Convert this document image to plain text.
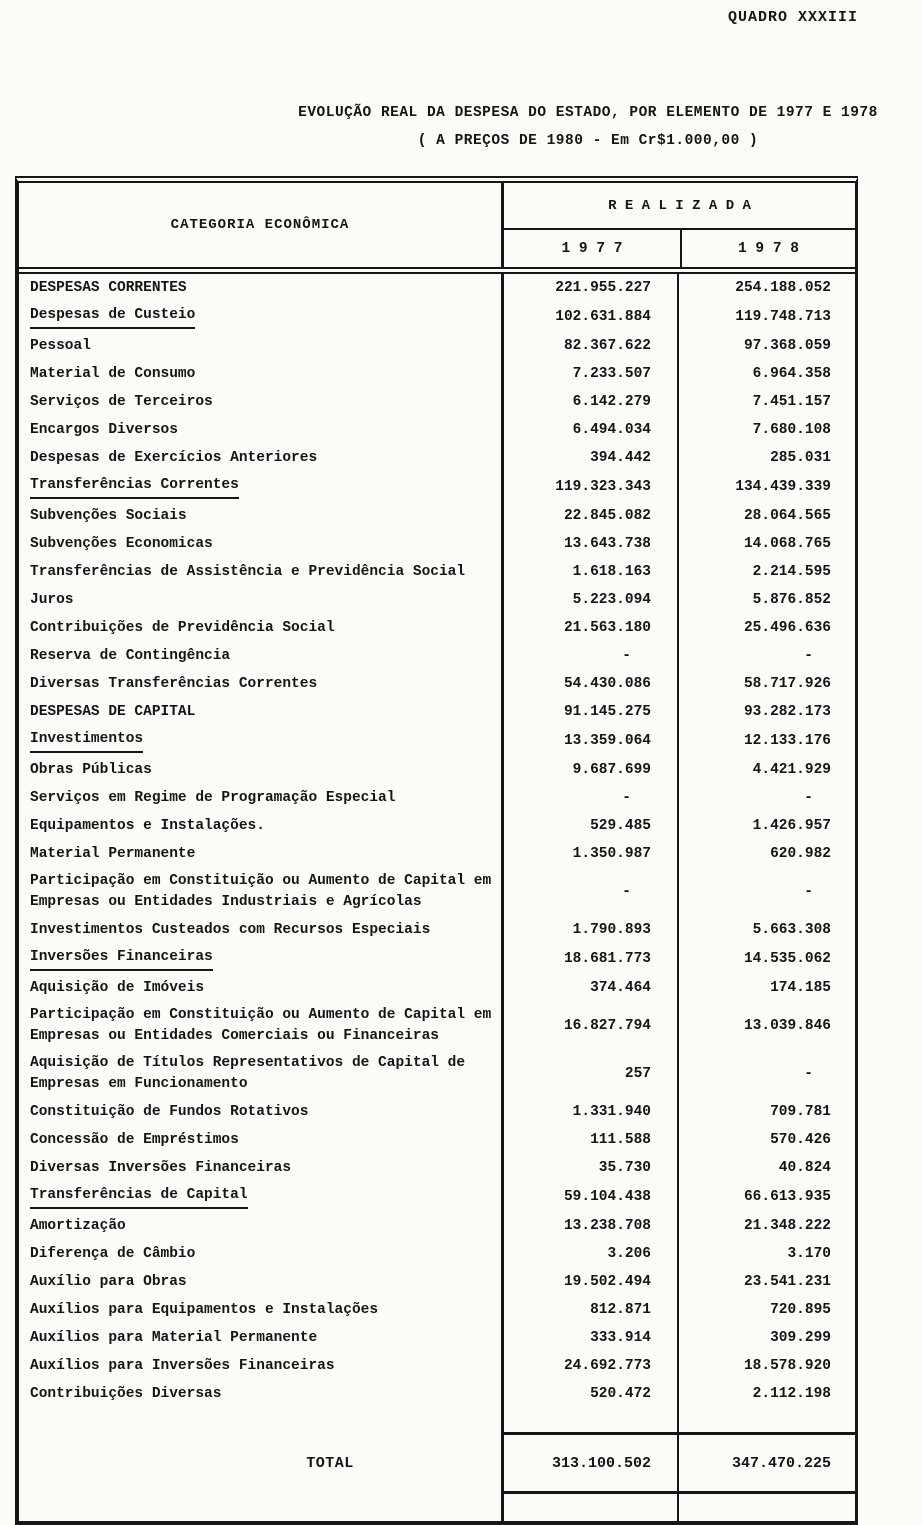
QUADRO XXXIII
EVOLUÇÃO REAL DA DESPESA DO ESTADO, POR ELEMENTO DE 1977 E 1978
( A PREÇOS DE 1980 - Em Cr$1.000,00 )
CATEGORIA ECONÔMICA
R E A L I Z A D A
1 9 7 7	1 9 7 8
DESPESAS CORRENTES	221.955.227	254.188.052
Despesas de Custeio	102.631.884	119.748.713
Pessoal	82.367.622	97.368.059
Material de Consumo	7.233.507	6.964.358
Serviços de Terceiros	6.142.279	7.451.157
Encargos Diversos	6.494.034	7.680.108
Despesas de Exercícios Anteriores	394.442	285.031
Transferências Correntes	119.323.343	134.439.339
Subvenções Sociais	22.845.082	28.064.565
Subvenções Economicas	13.643.738	14.068.765
Transferências de Assistência e Previdência Social	1.618.163	2.214.595
Juros	5.223.094	5.876.852
Contribuições de Previdência Social	21.563.180	25.496.636
Reserva de Contingência	-	-
Diversas Transferências Correntes	54.430.086	58.717.926
DESPESAS DE CAPITAL	91.145.275	93.282.173
Investimentos	13.359.064	12.133.176
Obras Públicas	9.687.699	4.421.929
Serviços em Regime de Programação Especial	-	-
Equipamentos e Instalações.	529.485	1.426.957
Material Permanente	1.350.987	620.982
Participação em Constituição ou Aumento de Capital em Empresas ou Entidades Industriais e Agrícolas
-	-
Investimentos Custeados com Recursos Especiais	1.790.893	5.663.308
Inversões Financeiras	18.681.773	14.535.062
Aquisição de Imóveis	374.464	174.185
Participação em Constituição ou Aumento de Capital em Empresas ou Entidades Comerciais ou Financeiras
16.827.794	13.039.846
Aquisição de Títulos Representativos de Capital de Empresas em Funcionamento
257	-
Constituição de Fundos Rotativos	1.331.940	709.781
Concessão de Empréstimos	111.588	570.426
Diversas Inversões Financeiras	35.730	40.824
Transferências de Capital	59.104.438	66.613.935
Amortização	13.238.708	21.348.222
Diferença de Câmbio	3.206	3.170
Auxílio para Obras	19.502.494	23.541.231
Auxílios para Equipamentos e Instalações	812.871	720.895
Auxílios para Material Permanente	333.914	309.299
Auxílios para Inversões Financeiras	24.692.773	18.578.920
Contribuições Diversas	520.472	2.112.198
TOTAL	313.100.502	347.470.225
